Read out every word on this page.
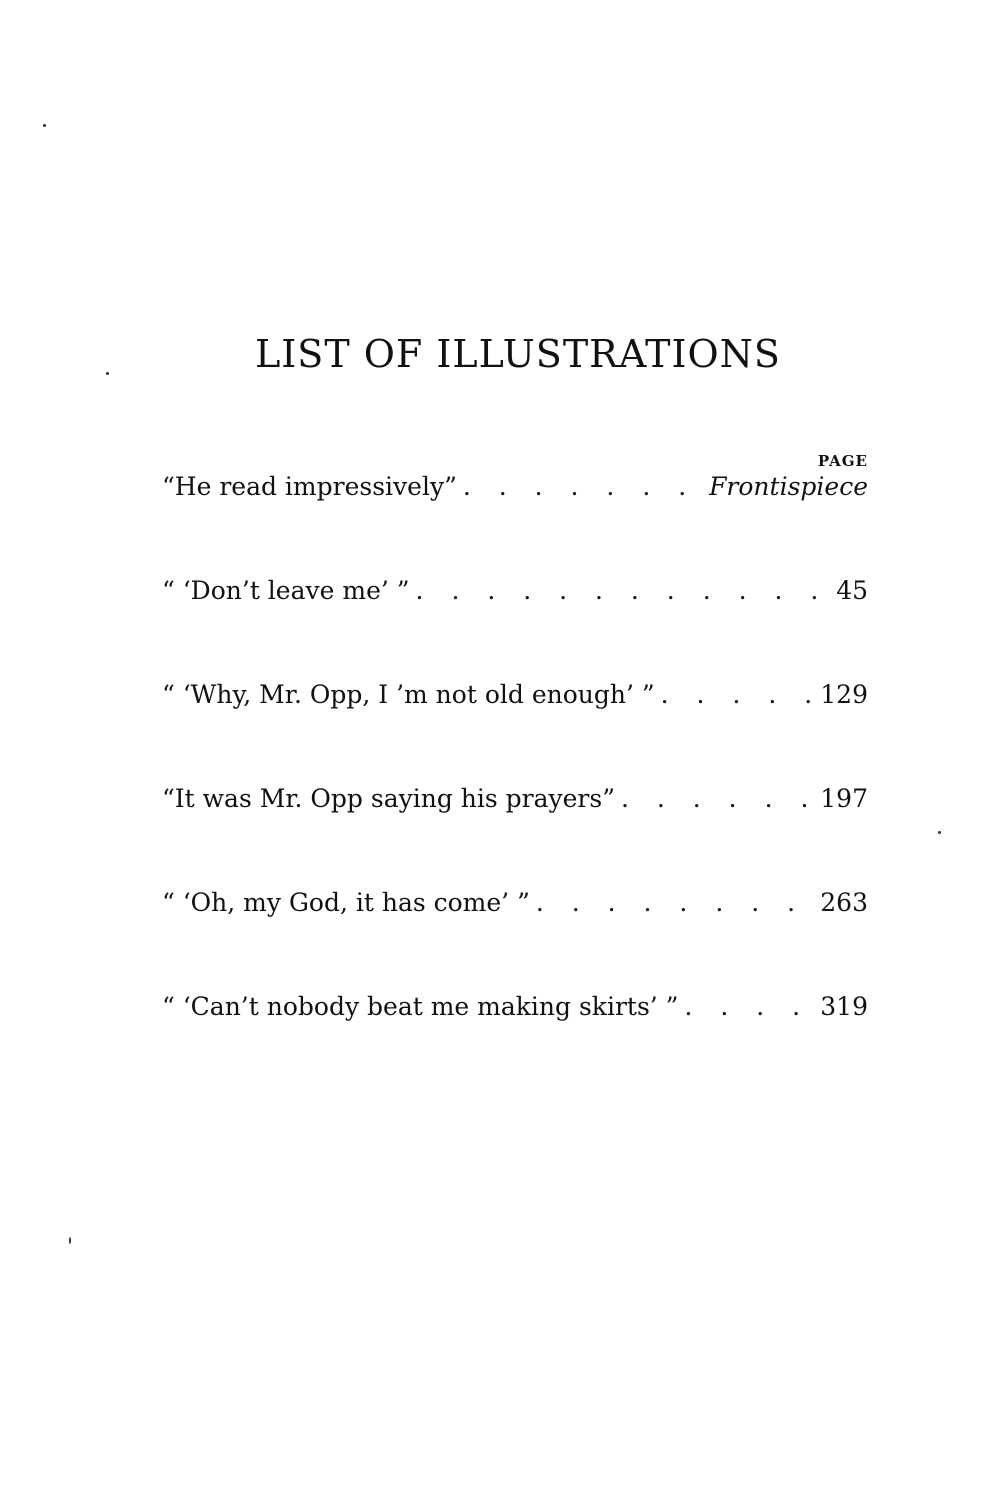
LIST OF ILLUSTRATIONS
PAGE
“He read impressively” . . .	Frontispiece
“ ‘Don’t leave me’ ” . . .	45
“ ‘Why, Mr. Opp, I ’m not old enough’ ” . . .	129
“It was Mr. Opp saying his prayers” . . .	197
“ ‘Oh, my God, it has come’ ” . . .	263
“ ‘Can’t nobody beat me making skirts’ ” . . .	319
